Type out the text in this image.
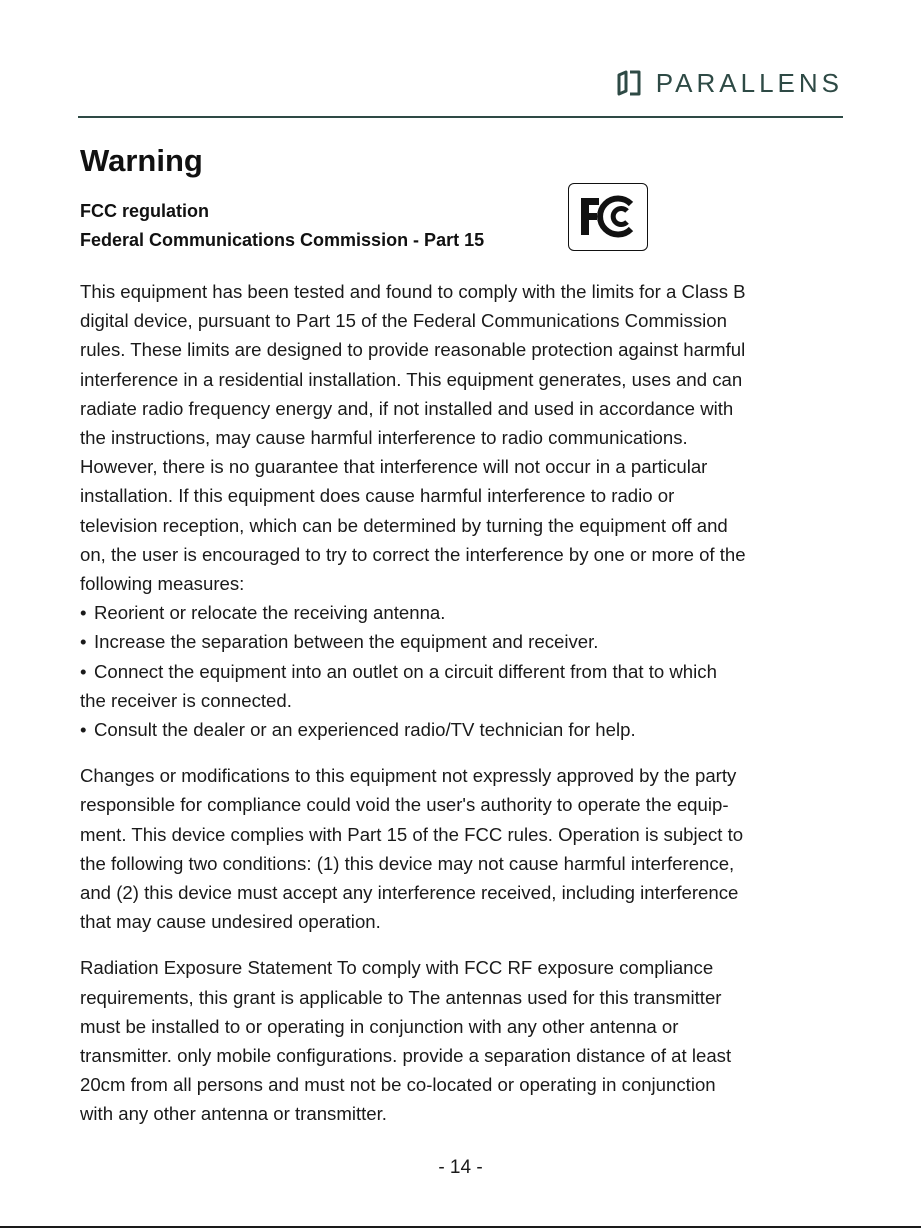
PARALLENS
Warning
FCC regulation
Federal Communications Commission - Part 15
This equipment has been tested and found to comply with the limits for a Class B
digital device, pursuant to Part 15 of the Federal Communications Commission
rules. These limits are designed to provide reasonable protection against harmful
interference in a residential installation. This equipment generates, uses and can
radiate radio frequency energy and, if not installed and used in accordance with
the instructions, may cause harmful interference to radio communications.
However, there is no guarantee that interference will not occur in a particular
installation. If this equipment does cause harmful interference to radio or
television reception, which can be determined by turning the equipment off and
on, the user is encouraged to try to correct the interference by one or more of the
following measures:
• Reorient or relocate the receiving antenna.
• Increase the separation between the equipment and receiver.
• Connect the equipment into an outlet on a circuit different from that to which
the receiver is connected.
• Consult the dealer or an experienced radio/TV technician for help.
Changes or modifications to this equipment not expressly approved by the party
responsible for compliance could void the user's authority to operate the equip-
ment. This device complies with Part 15 of the FCC rules. Operation is subject to
the following two conditions: (1) this device may not cause harmful interference,
and (2) this device must accept any interference received, including interference
that may cause undesired operation.
Radiation Exposure Statement To comply with FCC RF exposure compliance
requirements, this grant is applicable to The antennas used for this transmitter
must be installed to or operating in conjunction with any other antenna or
transmitter. only mobile configurations. provide a separation distance of at least
20cm from all persons and must not be co-located or operating in conjunction
with any other antenna or transmitter.
- 14 -
